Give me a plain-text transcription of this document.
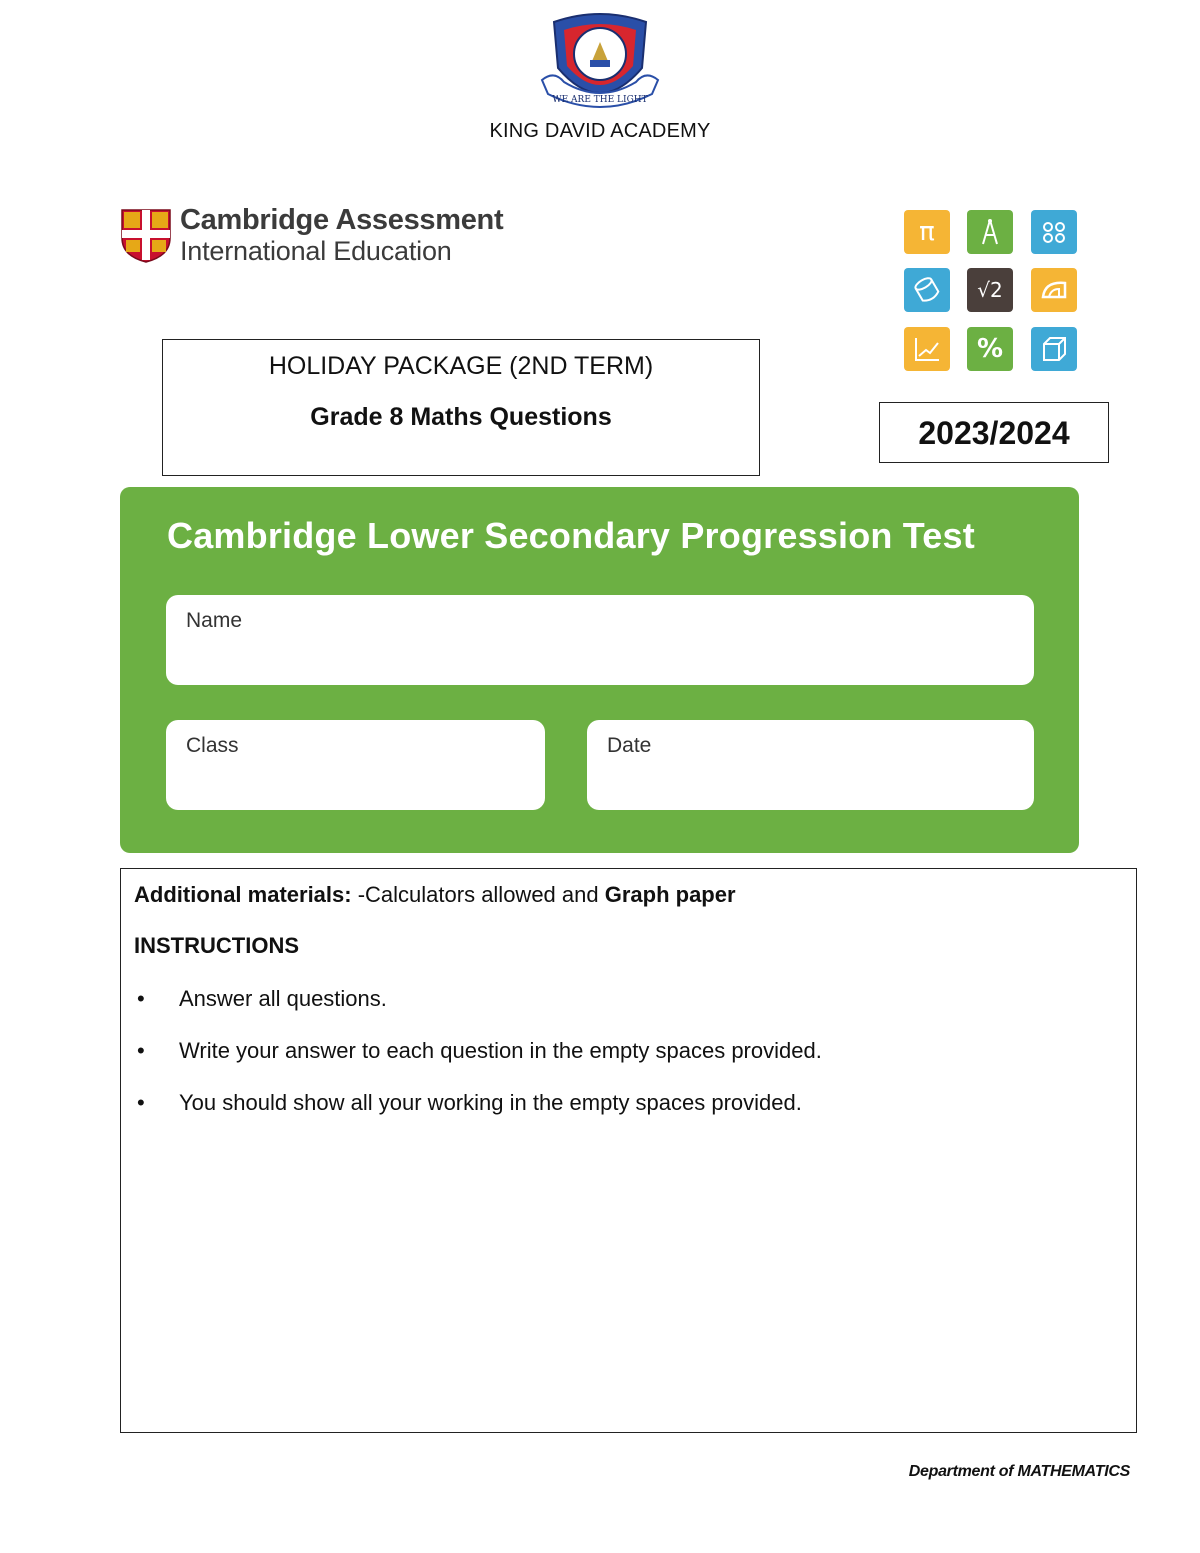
WE ARE THE LIGHT
KING DAVID ACADEMY
Cambridge Assessment
International Education
π
√2
%
HOLIDAY PACKAGE (2ND TERM)
Grade 8 Maths Questions	2023/2024
Cambridge Lower Secondary Progression Test
Name
Class	Date
Additional materials: -Calculators allowed and Graph paper
INSTRUCTIONS
• Answer all questions.
• Write your answer to each question in the empty spaces provided.
• You should show all your working in the empty spaces provided.
Department of MATHEMATICS
